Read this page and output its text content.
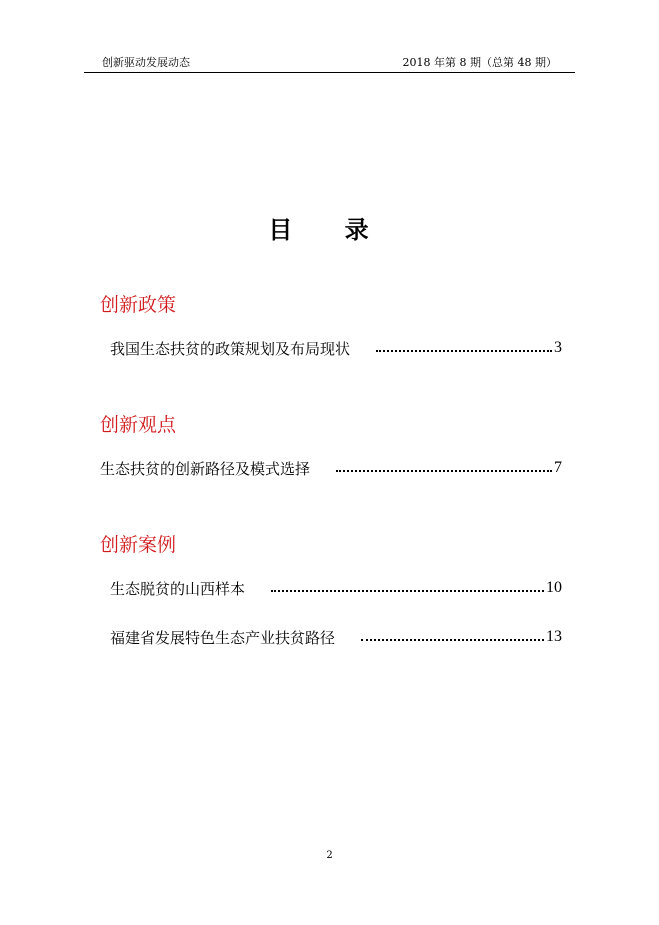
创新驱动发展动态	2018 年第 8 期（总第 48 期）
目 录
创新政策
我国生态扶贫的政策规划及布局现状	3
创新观点
生态扶贫的创新路径及模式选择	7
创新案例
生态脱贫的山西样本	10
福建省发展特色生态产业扶贫路径	13
2
